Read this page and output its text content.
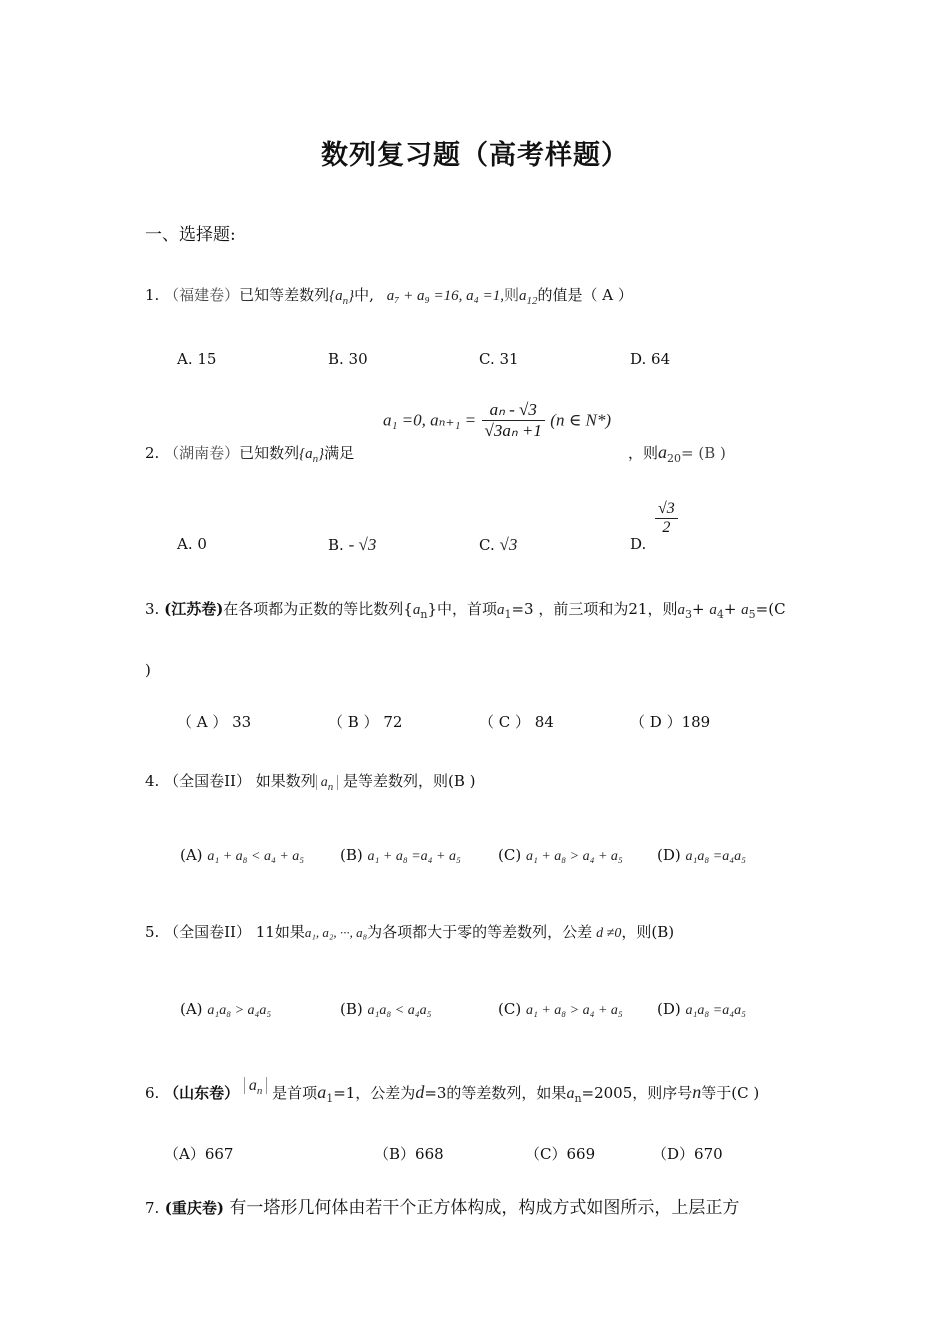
数列复习题（高考样题）
一、选择题:
1. （福建卷）已知等差数列$\{a_n\}$中, a₇ + a₉ =16, a₄ =1,则$a_{12}$的值是（ A ）
A. 15	B. 30	C. 31	D. 64
2. （湖南卷）已知数列$\{a_n\}$满足
a₁ =0, $a_{n+1} = \frac{\text{aₙ - √3}}{\text{√3aₙ +1}} (n$ ∈ N*)
，则$a_{20}= (B$ )
A. 0	B. - √3	C. √3	D.
$\frac{√3}{2}$
3. (江苏卷)在各项都为正数的等比数列$\{a_n\}$中，首项$a_1=3$ ，前三项和为21，则$a_3+ a_4+ a_5=(C$
)
（ A ） 33	（ B ） 72	（ C ） 84	（ D ）189
4. （全国卷II） 如果数列 $a_n$ 是等差数列，则(B )
(A) a₁ + a₈ < a₄ + a₅ (B) a₁ + a₈ =a₄ + a₅ (C) a₁ + a₈ > a₄ + a₅ (D) a₁a₈ =a₄a₅
5. （全国卷II） 11如果a₁, a₂, ···, a₈为各项都大于零的等差数列，公差 d ≠0，则(B)
(A) a₁a₈ > a₄a₅	(B) a₁a₈ < a₄a₅	(C) a₁ + a₈ > a₄ + a₅ (D) a₁a₈ =a₄a₅
6. （山东卷） $a_n$ 是首项$a_1=1$，公差为d=3的等差数列，如果$a_n=2005$，则序号n等于(C )
（A）667	（B）668	（C）669	（D）670
7. (重庆卷) 有一塔形几何体由若干个正方体构成，构成方式如图所示，上层正方
